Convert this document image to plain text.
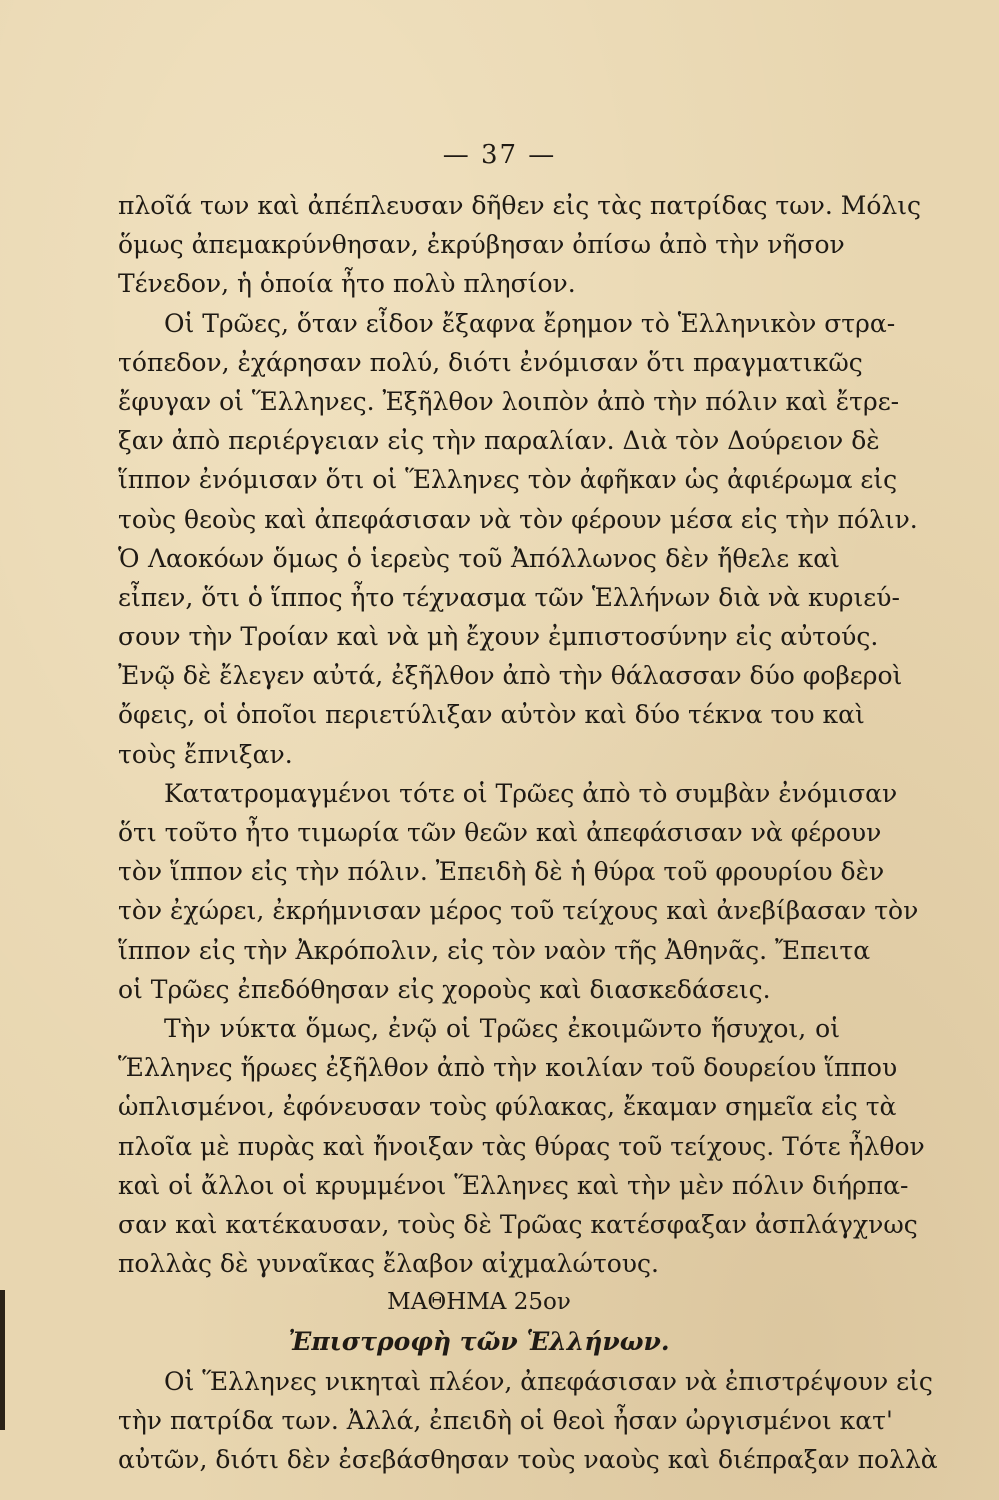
— 37 —
πλοῖά των καὶ ἀπέπλευσαν δῆθεν εἰς τὰς πατρίδας των. Μόλις
ὅμως ἀπεμακρύνθησαν, ἐκρύβησαν ὀπίσω ἀπὸ τὴν νῆσον
Τένεδον, ἡ ὁποία ἦτο πολὺ πλησίον.
Οἱ Τρῶες, ὅταν εἶδον ἔξαφνα ἔρημον τὸ Ἑλληνικὸν στρα-
τόπεδον, ἐχάρησαν πολύ, διότι ἐνόμισαν ὅτι πραγματικῶς
ἔφυγαν οἱ Ἕλληνες. Ἐξῆλθον λοιπὸν ἀπὸ τὴν πόλιν καὶ ἔτρε-
ξαν ἀπὸ περιέργειαν εἰς τὴν παραλίαν. Διὰ τὸν Δούρειον δὲ
ἵππον ἐνόμισαν ὅτι οἱ Ἕλληνες τὸν ἀφῆκαν ὡς ἀφιέρωμα εἰς
τοὺς θεοὺς καὶ ἀπεφάσισαν νὰ τὸν φέρουν μέσα εἰς τὴν πόλιν.
Ὁ Λαοκόων ὅμως ὁ ἱερεὺς τοῦ Ἀπόλλωνος δὲν ἤθελε καὶ
εἶπεν, ὅτι ὁ ἵππος ἦτο τέχνασμα τῶν Ἑλλήνων διὰ νὰ κυριεύ-
σουν τὴν Τροίαν καὶ νὰ μὴ ἔχουν ἐμπιστοσύνην εἰς αὐτούς.
Ἐνῷ δὲ ἔλεγεν αὐτά, ἐξῆλθον ἀπὸ τὴν θάλασσαν δύο φοβεροὶ
ὄφεις, οἱ ὁποῖοι περιετύλιξαν αὐτὸν καὶ δύο τέκνα του καὶ
τοὺς ἔπνιξαν.
Κατατρομαγμένοι τότε οἱ Τρῶες ἀπὸ τὸ συμβὰν ἐνόμισαν
ὅτι τοῦτο ἦτο τιμωρία τῶν θεῶν καὶ ἀπεφάσισαν νὰ φέρουν
τὸν ἵππον εἰς τὴν πόλιν. Ἐπειδὴ δὲ ἡ θύρα τοῦ φρουρίου δὲν
τὸν ἐχώρει, ἐκρήμνισαν μέρος τοῦ τείχους καὶ ἀνεβίβασαν τὸν
ἵππον εἰς τὴν Ἀκρόπολιν, εἰς τὸν ναὸν τῆς Ἀθηνᾶς. Ἔπειτα
οἱ Τρῶες ἐπεδόθησαν εἰς χοροὺς καὶ διασκεδάσεις.
Τὴν νύκτα ὅμως, ἐνῷ οἱ Τρῶες ἐκοιμῶντο ἥσυχοι, οἱ
Ἕλληνες ἥρωες ἐξῆλθον ἀπὸ τὴν κοιλίαν τοῦ δουρείου ἵππου
ὡπλισμένοι, ἐφόνευσαν τοὺς φύλακας, ἔκαμαν σημεῖα εἰς τὰ
πλοῖα μὲ πυρὰς καὶ ἤνοιξαν τὰς θύρας τοῦ τείχους. Τότε ἦλθον
καὶ οἱ ἄλλοι οἱ κρυμμένοι Ἕλληνες καὶ τὴν μὲν πόλιν διήρπα-
σαν καὶ κατέκαυσαν, τοὺς δὲ Τρῶας κατέσφαξαν ἀσπλάγχνως
πολλὰς δὲ γυναῖκας ἔλαβον αἰχμαλώτους.
ΜΑΘΗΜΑ 25ον
Ἐπιστροφὴ τῶν Ἑλλήνων.
Οἱ Ἕλληνες νικηταὶ πλέον, ἀπεφάσισαν νὰ ἐπιστρέψουν εἰς
τὴν πατρίδα των. Ἀλλά, ἐπειδὴ οἱ θεοὶ ἦσαν ὠργισμένοι κατ'
αὐτῶν, διότι δὲν ἐσεβάσθησαν τοὺς ναοὺς καὶ διέπραξαν πολλὰ
